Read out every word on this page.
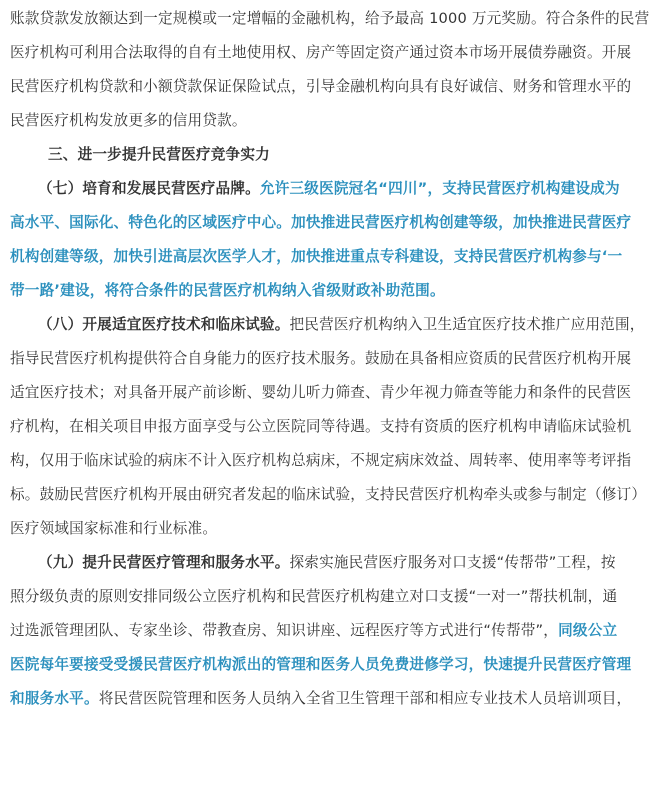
账款贷款发放额达到一定规模或一定增幅的金融机构，给予最高 1000 万元奖励。符合条件的民营
医疗机构可利用合法取得的自有土地使用权、房产等固定资产通过资本市场开展债券融资。开展
民营医疗机构贷款和小额贷款保证保险试点，引导金融机构向具有良好诚信、财务和管理水平的
民营医疗机构发放更多的信用贷款。
三、进一步提升民营医疗竞争实力
（七）培育和发展民营医疗品牌。允许三级医院冠名“四川”，支持民营医疗机构建设成为
高水平、国际化、特色化的区域医疗中心。加快推进民营医疗机构创建等级，加快推进民营医疗
机构创建等级，加快引进高层次医学人才，加快推进重点专科建设，支持民营医疗机构参与‘一
带一路’建设，将符合条件的民营医疗机构纳入省级财政补助范围。
（八）开展适宜医疗技术和临床试验。把民营医疗机构纳入卫生适宜医疗技术推广应用范围，
指导民营医疗机构提供符合自身能力的医疗技术服务。鼓励在具备相应资质的民营医疗机构开展
适宜医疗技术；对具备开展产前诊断、婴幼儿听力筛查、青少年视力筛查等能力和条件的民营医
疗机构，在相关项目申报方面享受与公立医院同等待遇。支持有资质的医疗机构申请临床试验机
构，仅用于临床试验的病床不计入医疗机构总病床，不规定病床效益、周转率、使用率等考评指
标。鼓励民营医疗机构开展由研究者发起的临床试验，支持民营医疗机构牵头或参与制定（修订）
医疗领域国家标准和行业标准。
（九）提升民营医疗管理和服务水平。探索实施民营医疗服务对口支援“传帮带”工程，按
照分级负责的原则安排同级公立医疗机构和民营医疗机构建立对口支援“一对一”帮扶机制，通
过选派管理团队、专家坐诊、带教查房、知识讲座、远程医疗等方式进行“传帮带”，同级公立
医院每年要接受受援民营医疗机构派出的管理和医务人员免费进修学习，快速提升民营医疗管理
和服务水平。将民营医院管理和医务人员纳入全省卫生管理干部和相应专业技术人员培训项目，
